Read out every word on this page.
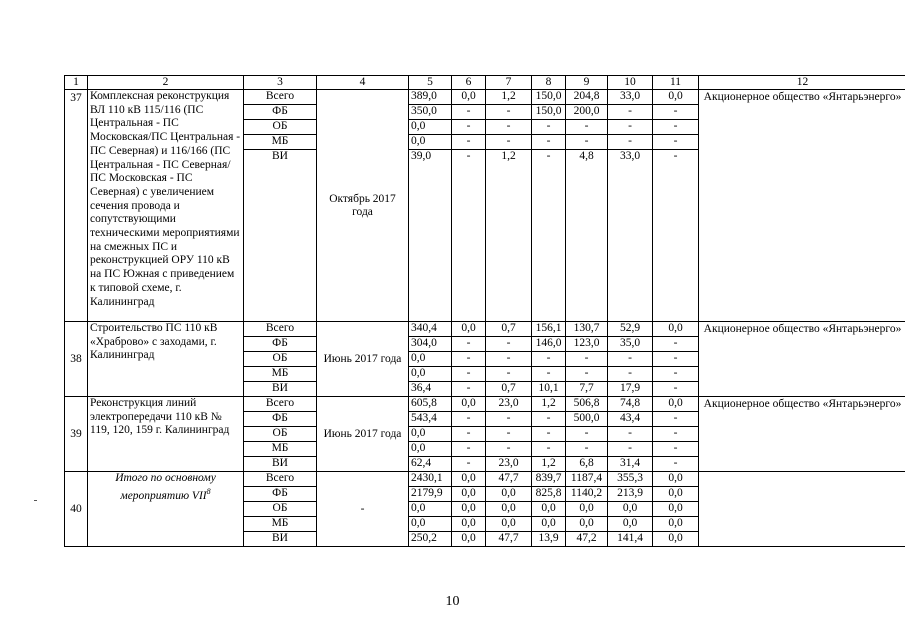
1	2	3	4	5	6	7	8	9	10	11	12
37	Комплексная реконструкция ВЛ 110 кВ 115/116 (ПС Центральная - ПС Московская/ПС Центральная - ПС Северная) и 116/166 (ПС Центральная - ПС Северная/ПС Московская - ПС Северная) с увеличением сечения провода и сопутствующими техническими мероприятиями на смежных ПС и реконструкцией ОРУ 110 кВ на ПС Южная с приведением к типовой схеме, г. Калининград	Всего	Октябрь 2017 года	389,0	0,0	1,2	150,0	204,8	33,0	0,0	Акционерное общество «Янтарьэнерго»
		ФБ		350,0	-	-	150,0	200,0	-	-	
		ОБ		0,0	-	-	-	-	-	-	
		МБ		0,0	-	-	-	-	-	-	
		ВИ		39,0	-	1,2	-	4,8	33,0	-	
38	Строительство ПС 110 кВ «Храброво» с заходами, г. Калининград	Всего	Июнь 2017 года	340,4	0,0	0,7	156,1	130,7	52,9	0,0	Акционерное общество «Янтарьэнерго»
		ФБ		304,0	-	-	146,0	123,0	35,0	-	
		ОБ		0,0	-	-	-	-	-	-	
		МБ		0,0	-	-	-	-	-	-	
		ВИ		36,4	-	0,7	10,1	7,7	17,9	-	
39	Реконструкция линий электропередачи 110 кВ № 119, 120, 159 г. Калининград	Всего	Июнь 2017 года	605,8	0,0	23,0	1,2	506,8	74,8	0,0	Акционерное общество «Янтарьэнерго»
		ФБ		543,4	-	-	-	500,0	43,4	-	
		ОБ		0,0	-	-	-	-	-	-	
		МБ		0,0	-	-	-	-	-	-	
		ВИ		62,4	-	23,0	1,2	6,8	31,4	-	
40	Итого по основному мероприятию VII$^8$	Всего	-	2430,1	0,0	47,7	839,7	1187,4	355,3	0,0	
		ФБ		2179,9	0,0	0,0	825,8	1140,2	213,9	0,0	
		ОБ		0,0	0,0	0,0	0,0	0,0	0,0	0,0	
		МБ		0,0	0,0	0,0	0,0	0,0	0,0	0,0	
		ВИ		250,2	0,0	47,7	13,9	47,2	141,4	0,0	
10
